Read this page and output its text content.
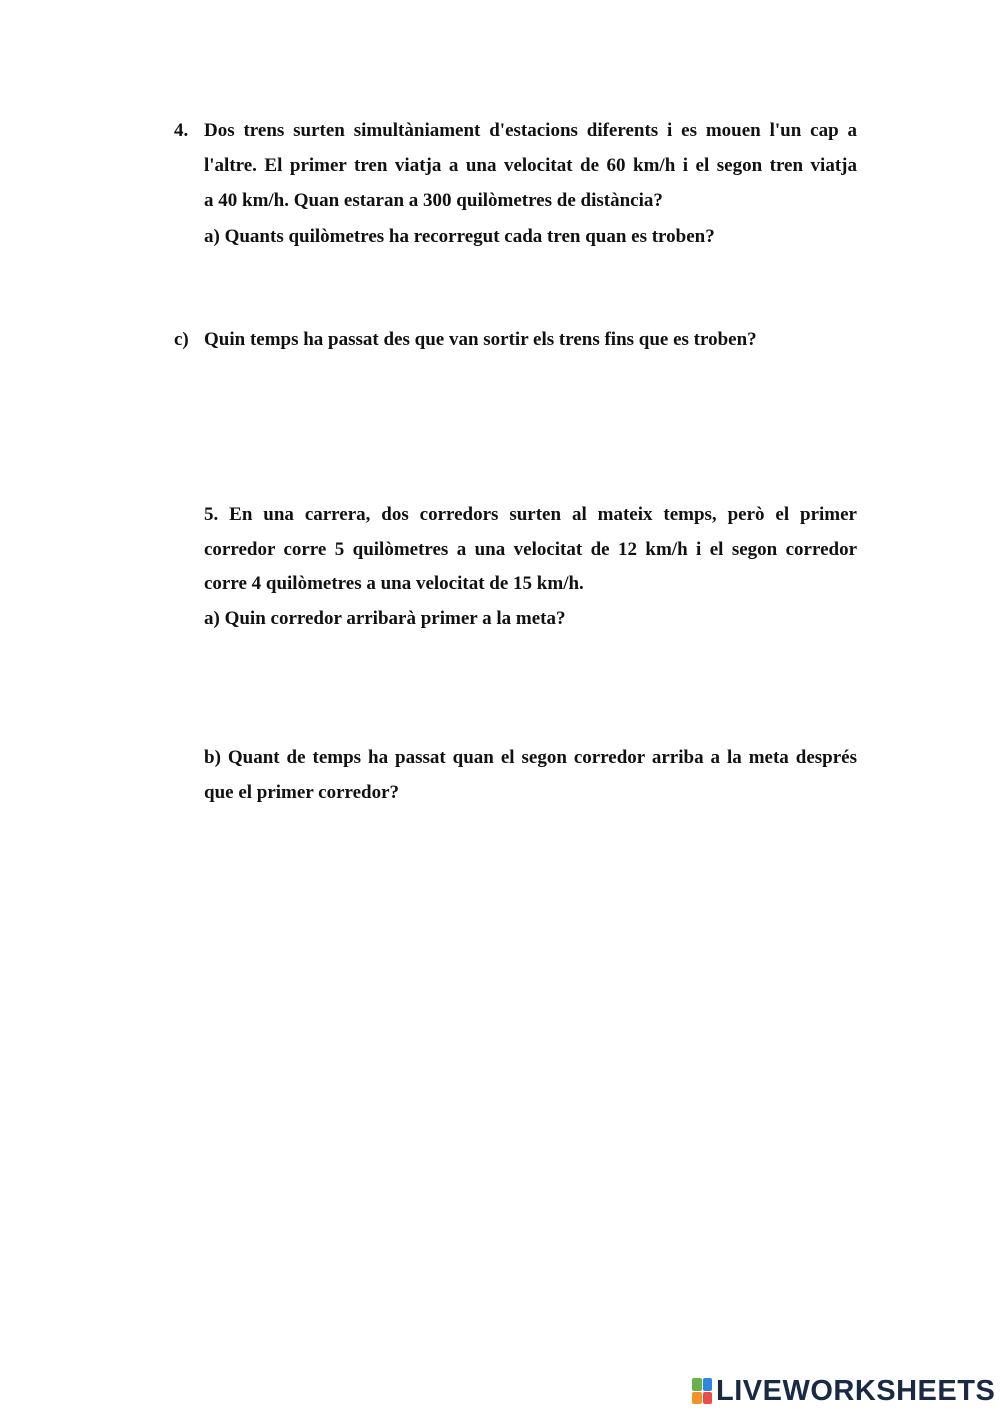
4. Dos trens surten simultàniament d'estacions diferents i es mouen l'un cap a
l'altre. El primer tren viatja a una velocitat de 60 km/h i el segon tren viatja
a 40 km/h. Quan estaran a 300 quilòmetres de distància?
a) Quants quilòmetres ha recorregut cada tren quan es troben?
c) Quin temps ha passat des que van sortir els trens fins que es troben?
5. En una carrera, dos corredors surten al mateix temps, però el primer
corredor corre 5 quilòmetres a una velocitat de 12 km/h i el segon corredor
corre 4 quilòmetres a una velocitat de 15 km/h.
a) Quin corredor arribarà primer a la meta?
b) Quant de temps ha passat quan el segon corredor arriba a la meta després
que el primer corredor?
LIVEWORKSHEETS
